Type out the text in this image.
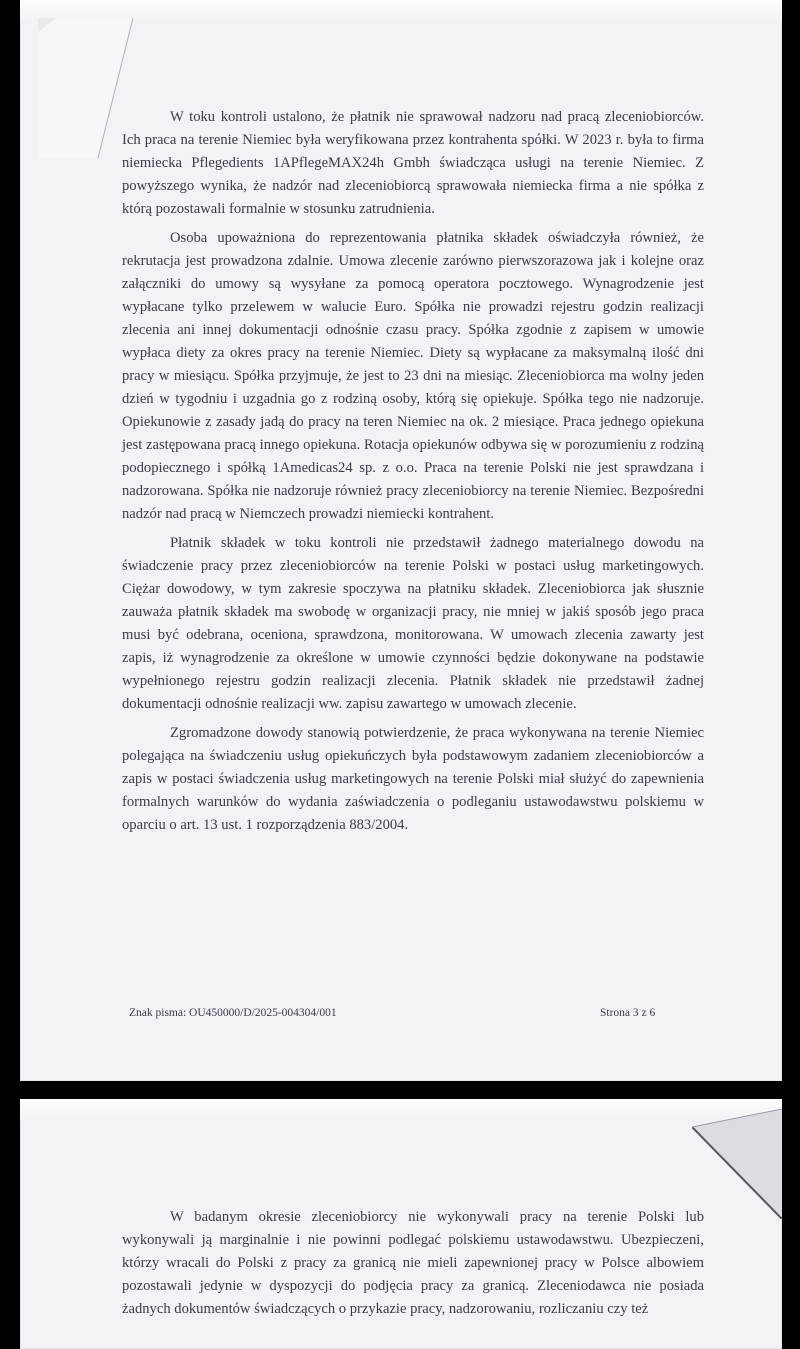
W toku kontroli ustalono, że płatnik nie sprawował nadzoru nad pracą zleceniobiorców. Ich praca na terenie Niemiec była weryfikowana przez kontrahenta spółki. W 2023 r. była to firma niemiecka Pflegedients 1APflegeMAX24h Gmbh świadcząca usługi na terenie Niemiec. Z powyższego wynika, że nadzór nad zleceniobiorcą sprawowała niemiecka firma a nie spółka z którą pozostawali formalnie w stosunku zatrudnienia.

Osoba upoważniona do reprezentowania płatnika składek oświadczyła również, że rekrutacja jest prowadzona zdalnie. Umowa zlecenie zarówno pierwszorazowa jak i kolejne oraz załączniki do umowy są wysyłane za pomocą operatora pocztowego. Wynagrodzenie jest wypłacane tylko przelewem w walucie Euro. Spółka nie prowadzi rejestru godzin realizacji zlecenia ani innej dokumentacji odnośnie czasu pracy. Spółka zgodnie z zapisem w umowie wypłaca diety za okres pracy na terenie Niemiec. Diety są wypłacane za maksymalną ilość dni pracy w miesiącu. Spółka przyjmuje, że jest to 23 dni na miesiąc. Zleceniobiorca ma wolny jeden dzień w tygodniu i uzgadnia go z rodziną osoby, którą się opiekuje. Spółka tego nie nadzoruje. Opiekunowie z zasady jadą do pracy na teren Niemiec na ok. 2 miesiące. Praca jednego opiekuna jest zastępowana pracą innego opiekuna. Rotacja opiekunów odbywa się w porozumieniu z rodziną podopiecznego i spółką 1Amedicas24 sp. z o.o. Praca na terenie Polski nie jest sprawdzana i nadzorowana. Spółka nie nadzoruje również pracy zleceniobiorcy na terenie Niemiec. Bezpośredni nadzór nad pracą w Niemczech prowadzi niemiecki kontrahent.

Płatnik składek w toku kontroli nie przedstawił żadnego materialnego dowodu na świadczenie pracy przez zleceniobiorców na terenie Polski w postaci usług marketingowych. Ciężar dowodowy, w tym zakresie spoczywa na płatniku składek. Zleceniobiorca jak słusznie zauważa płatnik składek ma swobodę w organizacji pracy, nie mniej w jakiś sposób jego praca musi być odebrana, oceniona, sprawdzona, monitorowana. W umowach zlecenia zawarty jest zapis, iż wynagrodzenie za określone w umowie czynności będzie dokonywane na podstawie wypełnionego rejestru godzin realizacji zlecenia. Płatnik składek nie przedstawił żadnej dokumentacji odnośnie realizacji ww. zapisu zawartego w umowach zlecenie.

Zgromadzone dowody stanowią potwierdzenie, że praca wykonywana na terenie Niemiec polegająca na świadczeniu usług opiekuńczych była podstawowym zadaniem zleceniobiorców a zapis w postaci świadczenia usług marketingowych na terenie Polski miał służyć do zapewnienia formalnych warunków do wydania zaświadczenia o podleganiu ustawodawstwu polskiemu w oparciu o art. 13 ust. 1 rozporządzenia 883/2004.

Znak pisma: OU450000/D/2025-004304/001	Strona 3 z 6

W badanym okresie zleceniobiorcy nie wykonywali pracy na terenie Polski lub wykonywali ją marginalnie i nie powinni podlegać polskiemu ustawodawstwu. Ubezpieczeni, którzy wracali do Polski z pracy za granicą nie mieli zapewnionej pracy w Polsce albowiem pozostawali jedynie w dyspozycji do podjęcia pracy za granicą. Zleceniodawca nie posiada żadnych dokumentów świadczących o przykazie pracy, nadzorowaniu, rozliczaniu czy też
